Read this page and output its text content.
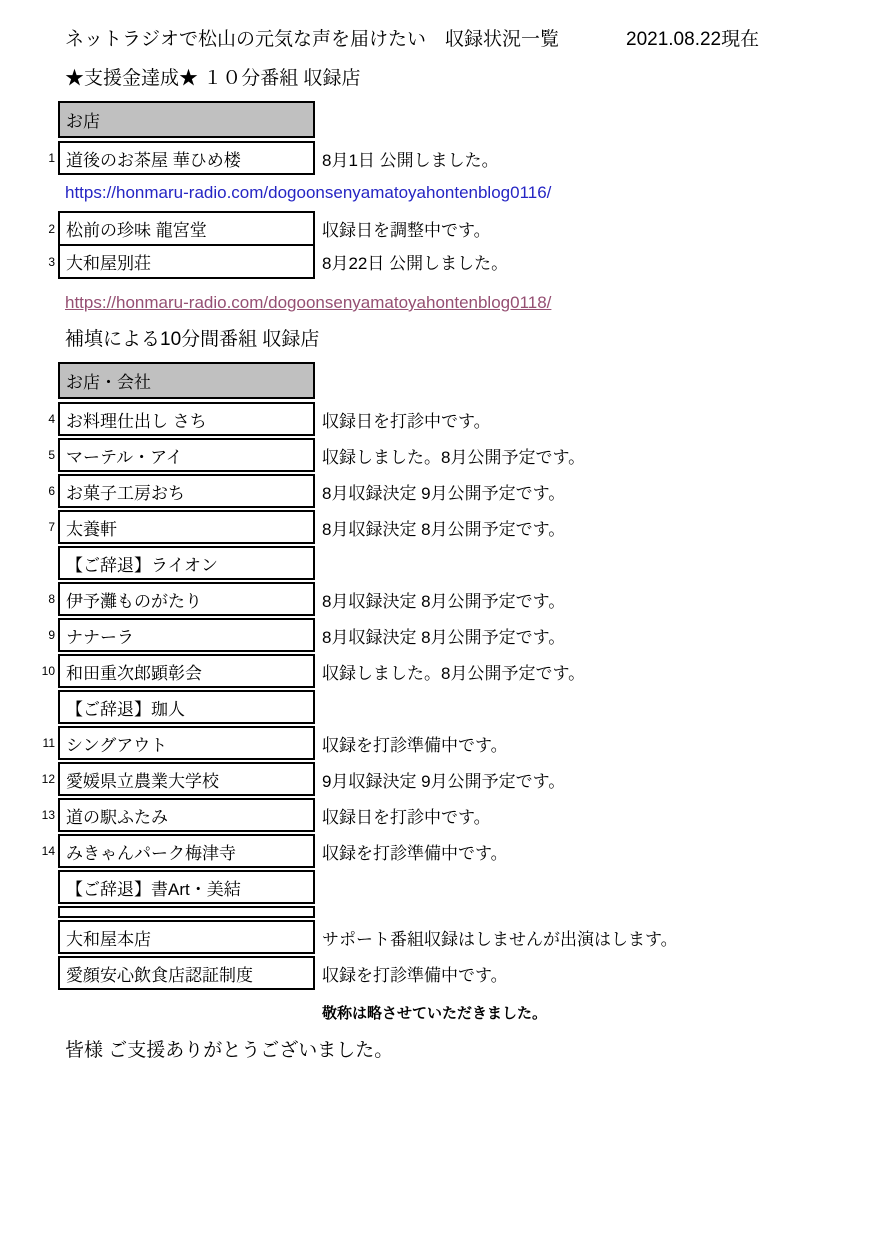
ネットラジオで松山の元気な声を届けたい　収録状況一覧	2021.08.22現在
★支援金達成★ １０分番組 収録店
お店
1 道後のお茶屋 華ひめ楼	8月1日 公開しました。
https://honmaru-radio.com/dogoonsenyamatoyahontenblog0116/
2 松前の珍味 龍宮堂	収録日を調整中です。
3 大和屋別荘	8月22日 公開しました。
https://honmaru-radio.com/dogoonsenyamatoyahontenblog0118/
補填による10分間番組 収録店
お店・会社
4 お料理仕出し さち	収録日を打診中です。
5 マーテル・アイ	収録しました。8月公開予定です。
6 お菓子工房おち	8月収録決定 9月公開予定です。
7 太養軒	8月収録決定 8月公開予定です。
【ご辞退】ライオン
8 伊予灘ものがたり	8月収録決定 8月公開予定です。
9 ナナーラ	8月収録決定 8月公開予定です。
10 和田重次郎顕彰会	収録しました。8月公開予定です。
【ご辞退】珈人
11 シングアウト	収録を打診準備中です。
12 愛媛県立農業大学校	9月収録決定 9月公開予定です。
13 道の駅ふたみ	収録日を打診中です。
14 みきゃんパーク梅津寺	収録を打診準備中です。
【ご辞退】書Art・美結
大和屋本店	サポート番組収録はしませんが出演はします。
愛顔安心飲食店認証制度	収録を打診準備中です。
敬称は略させていただきました。
皆様 ご支援ありがとうございました。
